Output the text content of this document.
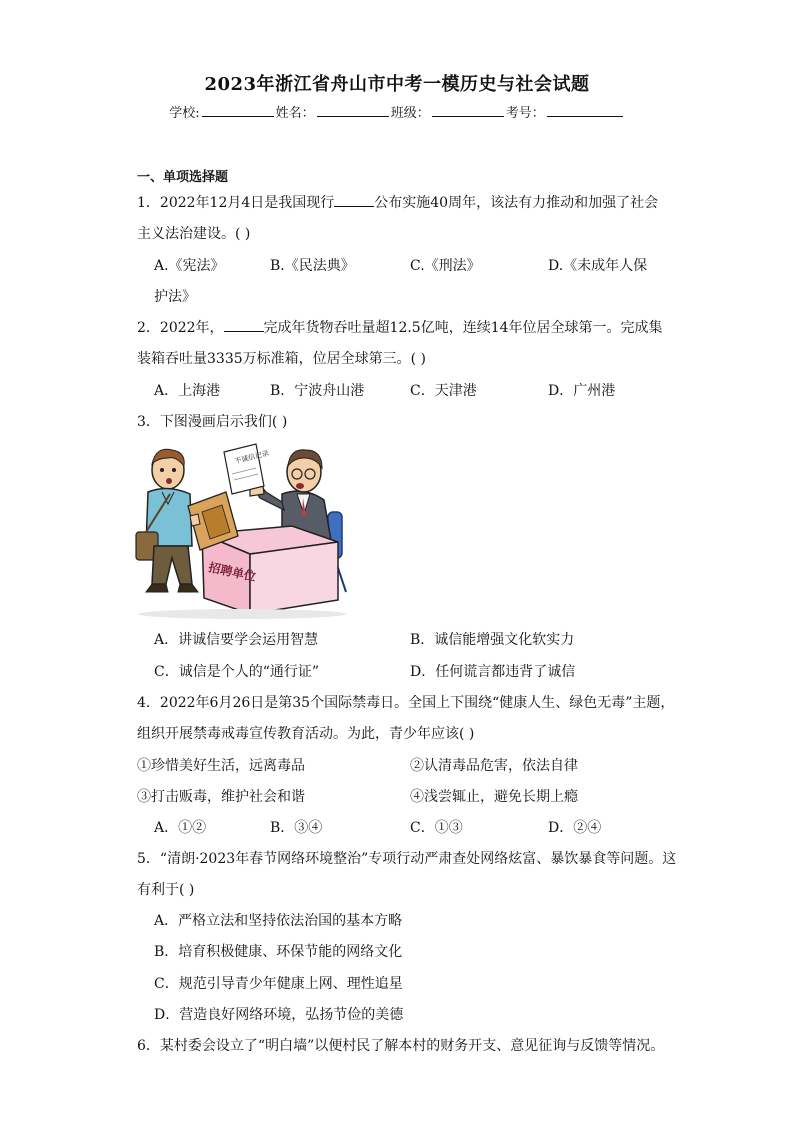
2023年浙江省舟山市中考一模历史与社会试题
学校:	姓名：	班级：	考号：
一、单项选择题
1．2022年12月4日是我国现行	公布实施40周年，该法有力推动和加强了社会
主义法治建设。( )
A.《宪法》	B.《民法典》	C.《刑法》	D.《未成年人保
护法》
2．2022年，	完成年货物吞吐量超12.5亿吨，连续14年位居全球第一。完成集
装箱吞吐量3335万标准箱，位居全球第三。( )
A．上海港	B．宁波舟山港	C．天津港	D．广州港
3．下图漫画启示我们( )
不诚信记录
招聘单位
A．讲诚信要学会运用智慧	B．诚信能增强文化软实力
C．诚信是个人的“通行证”	D．任何谎言都违背了诚信
4．2022年6月26日是第35个国际禁毒日。全国上下围绕“健康人生、绿色无毒”主题，
组织开展禁毒戒毒宣传教育活动。为此，青少年应该( )
①珍惜美好生活，远离毒品	②认清毒品危害，依法自律
③打击贩毒，维护社会和谐	④浅尝辄止，避免长期上瘾
A．①②	B．③④	C．①③	D．②④
5．“清朗·2023年春节网络环境整治”专项行动严肃查处网络炫富、暴饮暴食等问题。这
有利于( )
A．严格立法和坚持依法治国的基本方略
B．培育积极健康、环保节能的网络文化
C．规范引导青少年健康上网、理性追星
D．营造良好网络环境，弘扬节俭的美德
6．某村委会设立了“明白墙”以便村民了解本村的财务开支、意见征询与反馈等情况。
